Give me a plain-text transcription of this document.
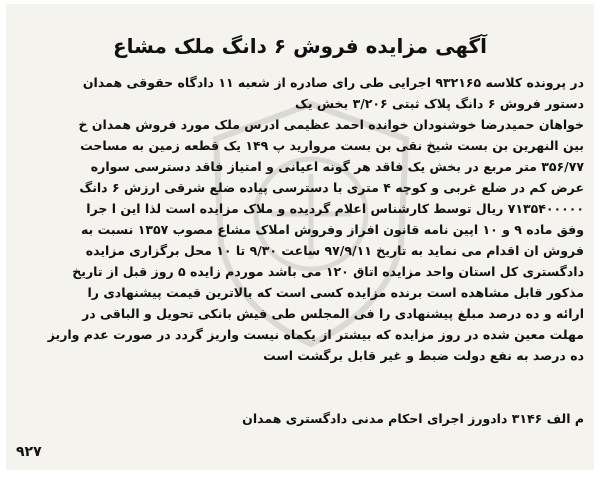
آگهی مزایده فروش ۶ دانگ ملک مشاع
در پرونده کلاسه ۹۳۲۱۶۵ اجرایی طی رای صادره از شعبه ۱۱ دادگاه حقوقی همدان
دستور فروش ۶ دانگ پلاک ثبتی ۳/۲۰۶ بخش یک
خواهان حمیدرضا خوشنودان خوانده احمد عظیمی ادرس ملک مورد فروش همدان خ
بین النهرین بن بست شیخ نقی بن بست مروارید پ ۱۴۹ یک قطعه زمین به مساحت
۳۵۶/۷۷ متر مربع در بخش یک فاقد هر گونه اعیانی و امتیاز فاقد دسترسی سواره
عرض کم در ضلع غربی و کوچه ۴ متری با دسترسی پیاده ضلع شرقی ارزش ۶ دانگ
۷۱۳۵۴۰۰۰۰۰ ریال توسط کارشناس اعلام گردیده و ملاک مزایده است لذا این ا جرا
وفق ماده ۹ و ۱۰ اپین نامه قانون افراز وفروش املاک مشاع مصوب ۱۳۵۷ نسبت به
فروش ان اقدام می نماید به تاریخ ۹۷/۹/۱۱ ساعت ۹/۳۰ تا ۱۰ محل برگزاری مزایده
دادگستری کل استان واحد مزایده اتاق ۱۲۰ می باشد موردم زایده ۵ روز قبل از تاریخ
مذکور قابل مشاهده است برنده مزایده کسی است که بالاترین قیمت پیشنهادی را
ارائه و ده درصد مبلغ پیشنهادی را فی المجلس طی فیش بانکی تحویل و الباقی در
مهلت معین شده در روز مزایده که بیشتر از یکماه نیست واریز گردد در صورت عدم واریز
ده درصد به نفع دولت ضبط و غیر قابل برگشت است
م الف ۳۱۴۶ دادورز اجرای احکام مدنی دادگستری همدان
۹۲۷
